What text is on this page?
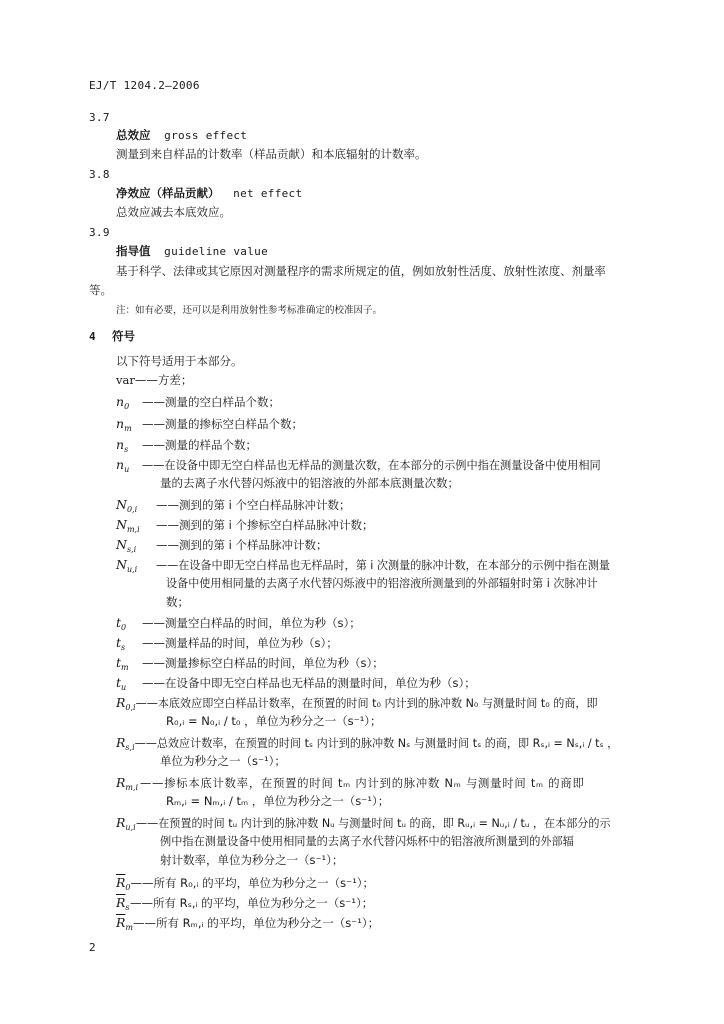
EJ/T 1204.2—2006
3.7
总效应 gross effect
测量到来自样品的计数率（样品贡献）和本底辐射的计数率。
3.8
净效应（样品贡献） net effect
总效应减去本底效应。
3.9
指导值 guideline value
基于科学、法律或其它原因对测量程序的需求所规定的值，例如放射性活度、放射性浓度、剂量率
等。
注：如有必要，还可以是利用放射性参考标准确定的校准因子。
4 符号
以下符号适用于本部分。
var——方差；
$n_0$ ——测量的空白样品个数；
$n_m$ ——测量的掺标空白样品个数；
$n_s$ ——测量的样品个数；
$n_u$ ——在设备中即无空白样品也无样品的测量次数，在本部分的示例中指在测量设备中使用相同
量的去离子水代替闪烁液中的铝溶液的外部本底测量次数；
$N_{0,i}$ ——测到的第 i 个空白样品脉冲计数；
$N_{m,i}$ ——测到的第 i 个掺标空白样品脉冲计数；
$N_{s,i}$ ——测到的第 i 个样品脉冲计数；
$N_{u,i}$ ——在设备中即无空白样品也无样品时，第 i 次测量的脉冲计数，在本部分的示例中指在测量
设备中使用相同量的去离子水代替闪烁液中的铝溶液所测量到的外部辐射时第 i 次脉冲计
数；
$t_0$ ——测量空白样品的时间，单位为秒（s）；
$t_s$ ——测量样品的时间，单位为秒（s）；
$t_m$ ——测量掺标空白样品的时间，单位为秒（s）；
$t_u$ ——在设备中即无空白样品也无样品的测量时间，单位为秒（s）；
$R_{0,i}——$本底效应即空白样品计数率，在预置的时间 t₀ 内计到的脉冲数 N₀ 与测量时间 t₀ 的商，即
R₀,ᵢ = N₀,ᵢ / t₀ ，单位为秒分之一（s⁻¹）；
$R_{s,i}——$总效应计数率，在预置的时间 tₛ 内计到的脉冲数 Nₛ 与测量时间 tₛ 的商，即 Rₛ,ᵢ = Nₛ,ᵢ / tₛ ，
单位为秒分之一（s⁻¹）；
$R_{m,i}$ ——掺标本底计数率，在预置的时间 tₘ 内计到的脉冲数 Nₘ 与测量时间 tₘ 的商即
Rₘ,ᵢ = Nₘ,ᵢ / tₘ ，单位为秒分之一（s⁻¹）；
$R_{u,i}——$在预置的时间 tᵤ 内计到的脉冲数 Nᵤ 与测量时间 tᵤ 的商，即 Rᵤ,ᵢ = Nᵤ,ᵢ / tᵤ ，在本部分的示
例中指在测量设备中使用相同量的去离子水代替闪烁杯中的铝溶液所测量到的外部辐
射计数率，单位为秒分之一（s⁻¹）；
$\overline{R}_0——$所有 R₀,ᵢ 的平均，单位为秒分之一（s⁻¹）；
$\overline{R}_s——$所有 Rₛ,ᵢ 的平均，单位为秒分之一（s⁻¹）；
$\overline{R}_m——$所有 Rₘ,ᵢ 的平均，单位为秒分之一（s⁻¹）；
2
